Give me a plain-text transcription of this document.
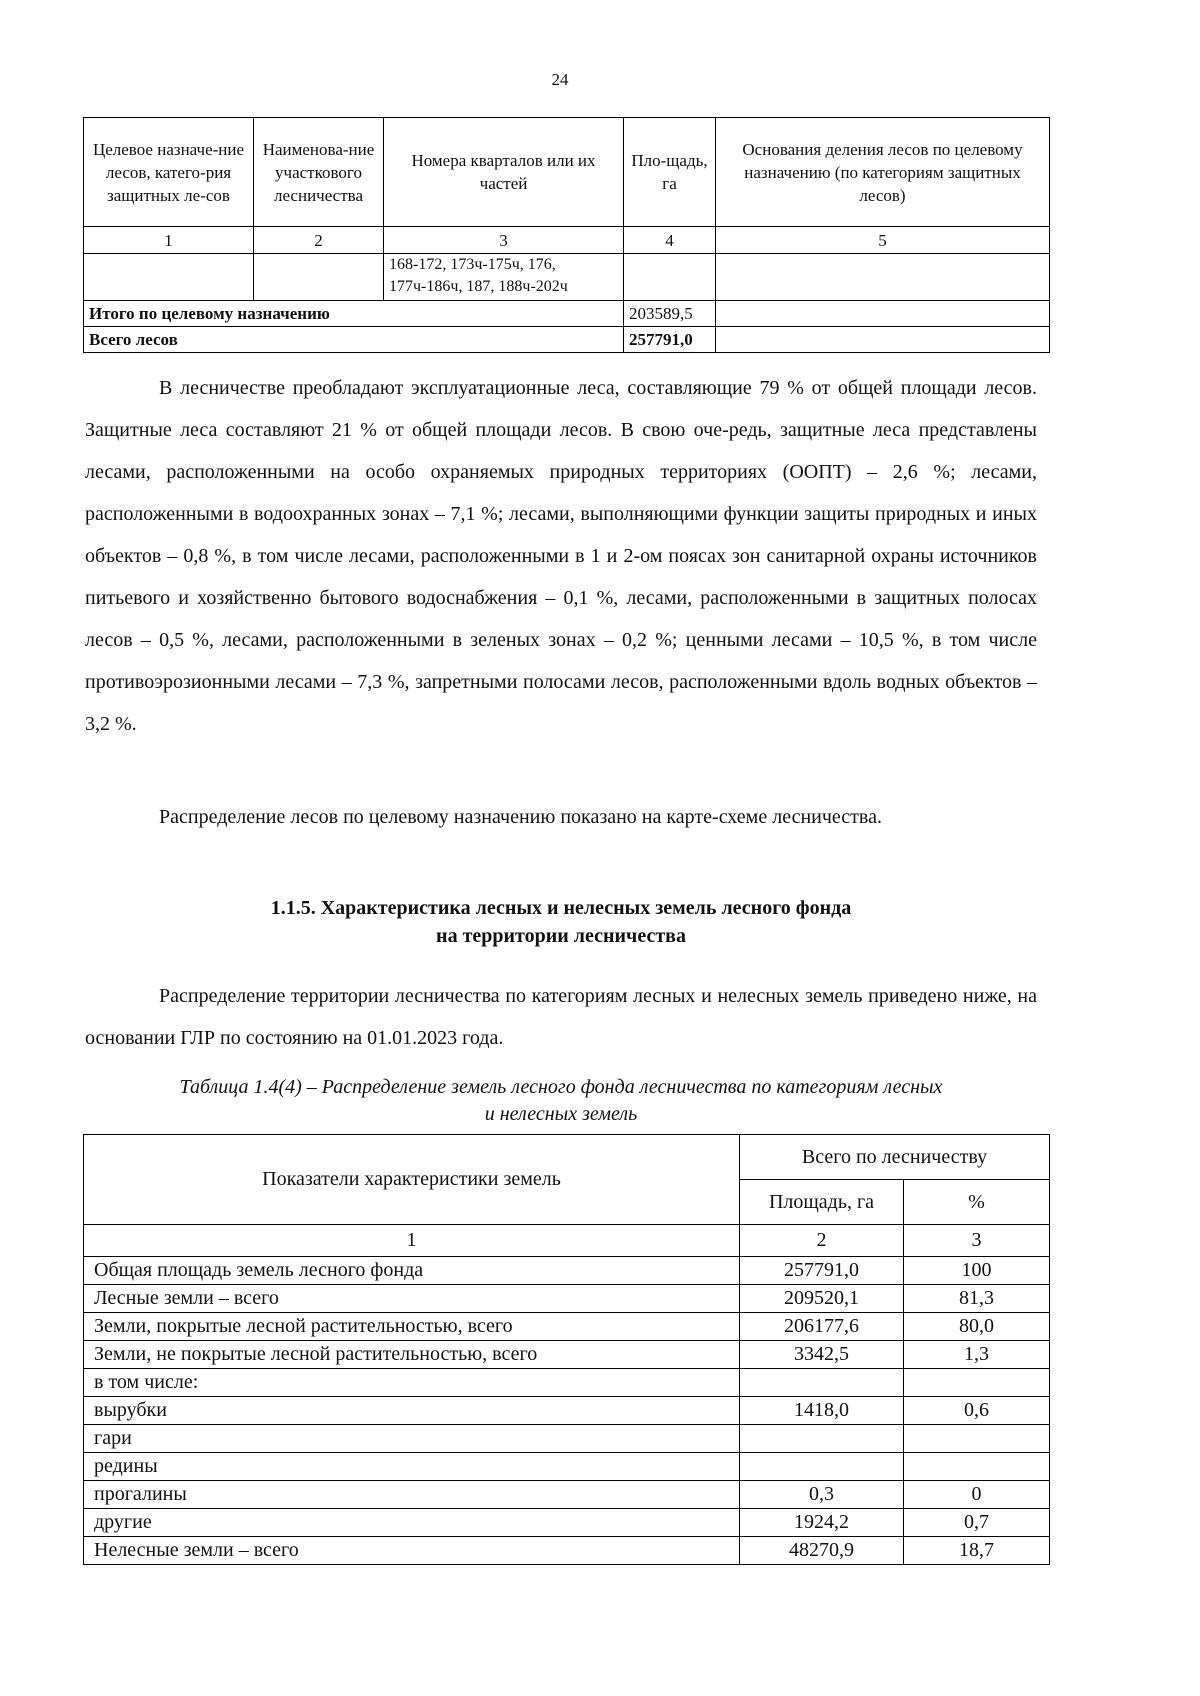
24
Целевое назначе-ние лесов, катего-рия защитных ле-сов	Наименова-ние участкового лесничества	Номера кварталов или их частей	Пло-щадь, га	Основания деления лесов по целевому назначению (по категориям защитных лесов)
1	2	3	4	5
		168-172, 173ч-175ч, 176, 177ч-186ч, 187, 188ч-202ч		
Итого по целевому назначению			203589,5	
Всего лесов			257791,0	

В лесничестве преобладают эксплуатационные леса, составляющие 79 % от общей площади лесов. Защитные леса составляют 21 % от общей площади лесов. В свою оче-редь, защитные леса представлены лесами, расположенными на особо охраняемых природных территориях (ООПТ) – 2,6 %; лесами, расположенными в водоохранных зонах – 7,1 %; лесами, выполняющими функции защиты природных и иных объектов – 0,8 %, в том числе лесами, расположенными в 1 и 2-ом поясах зон санитарной охраны источников питьевого и хозяйственно бытового водоснабжения – 0,1 %, лесами, расположенными в защитных полосах лесов – 0,5 %, лесами, расположенными в зеленых зонах – 0,2 %; ценными лесами – 10,5 %, в том числе противоэрозионными лесами – 7,3 %, запретными полосами лесов, расположенными вдоль водных объектов – 3,2 %.

Распределение лесов по целевому назначению показано на карте-схеме лесничества.

1.1.5. Характеристика лесных и нелесных земель лесного фонда
на территории лесничества

Распределение территории лесничества по категориям лесных и нелесных земель приведено ниже, на основании ГЛР по состоянию на 01.01.2023 года.

Таблица 1.4(4) – Распределение земель лесного фонда лесничества по категориям лесных
и нелесных земель

Показатели характеристики земель	Всего по лесничеству	
	Площадь, га	%
1	2	3
Общая площадь земель лесного фонда	257791,0	100
Лесные земли – всего	209520,1	81,3
Земли, покрытые лесной растительностью, всего	206177,6	80,0
Земли, не покрытые лесной растительностью, всего	3342,5	1,3
в том числе:		
вырубки	1418,0	0,6
гари		
редины		
прогалины	0,3	0
другие	1924,2	0,7
Нелесные земли – всего	48270,9	18,7
